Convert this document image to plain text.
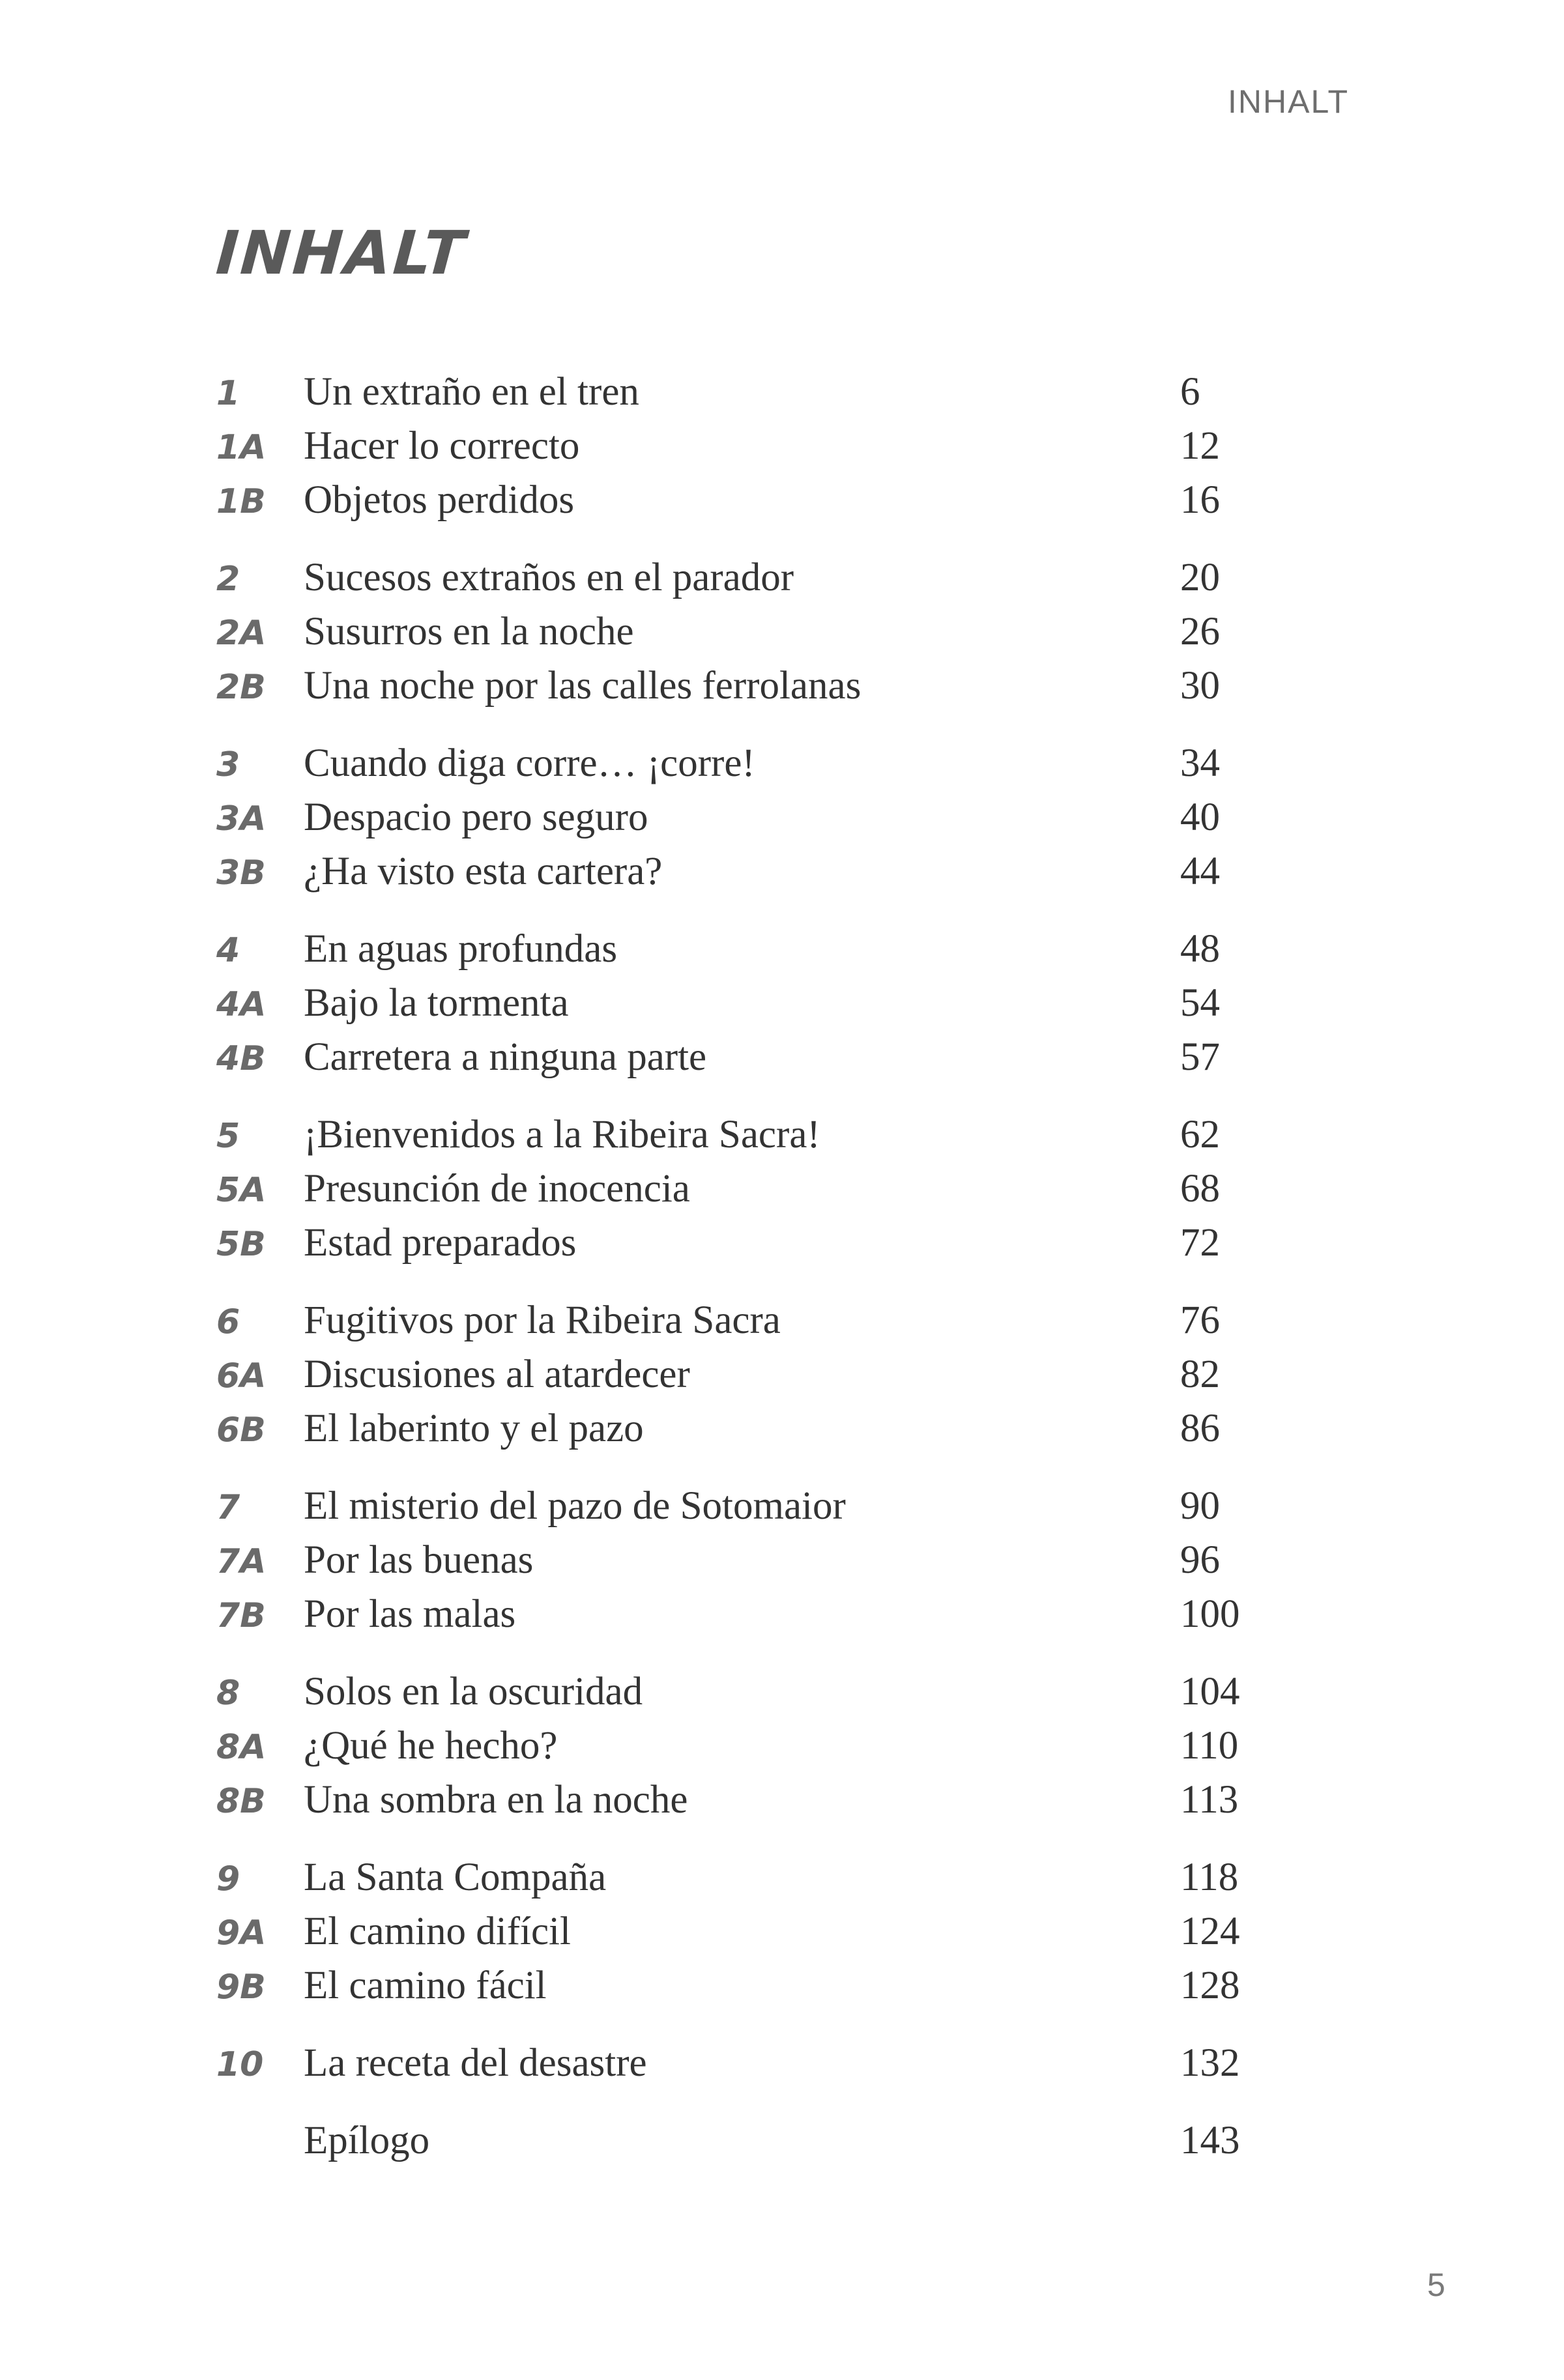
INHALT
INHALT
1	Un extraño en el tren	6
1A Hacer lo correcto	12
1B Objetos perdidos	16
2	Sucesos extraños en el parador	20
2A Susurros en la noche	26
2B Una noche por las calles ferrolanas	30
3	Cuando diga corre… ¡corre!	34
3A Despacio pero seguro	40
3B ¿Ha visto esta cartera?	44
4	En aguas profundas	48
4A Bajo la tormenta	54
4B Carretera a ninguna parte	57
5	¡Bienvenidos a la Ribeira Sacra!	62
5A Presunción de inocencia	68
5B Estad preparados	72
6	Fugitivos por la Ribeira Sacra	76
6A Discusiones al atardecer	82
6B El laberinto y el pazo	86
7	El misterio del pazo de Sotomaior	90
7A Por las buenas	96
7B Por las malas	100
8	Solos en la oscuridad	104
8A ¿Qué he hecho?	110
8B Una sombra en la noche	113
9	La Santa Compaña	118
9A El camino difícil	124
9B El camino fácil	128
10	La receta del desastre	132
Epílogo	143
5
